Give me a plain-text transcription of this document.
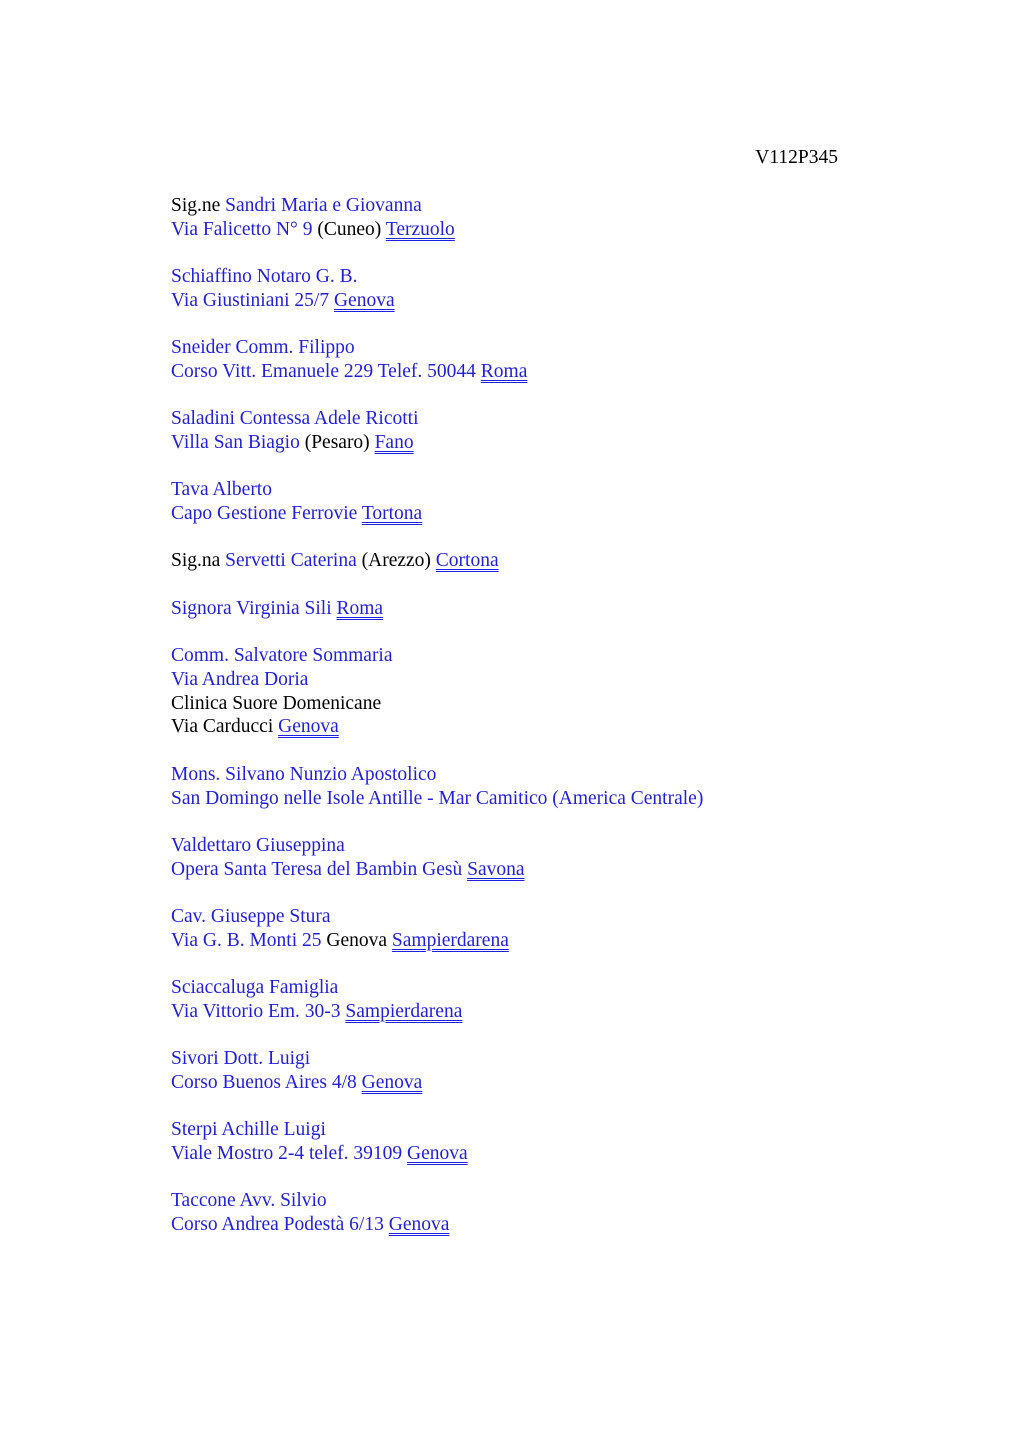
V112P345
Sig.ne Sandri Maria e Giovanna
Via Falicetto N° 9 (Cuneo) Terzuolo
Schiaffino Notaro G. B.
Via Giustiniani 25/7 Genova
Sneider Comm. Filippo
Corso Vitt. Emanuele 229 Telef. 50044 Roma
Saladini Contessa Adele Ricotti
Villa San Biagio (Pesaro) Fano
Tava Alberto
Capo Gestione Ferrovie Tortona
Sig.na Servetti Caterina (Arezzo) Cortona
Signora Virginia Sili Roma
Comm. Salvatore Sommaria
Via Andrea Doria
Clinica Suore Domenicane
Via Carducci Genova
Mons. Silvano Nunzio Apostolico
San Domingo nelle Isole Antille - Mar Camitico (America Centrale)
Valdettaro Giuseppina
Opera Santa Teresa del Bambin Gesù Savona
Cav. Giuseppe Stura
Via G. B. Monti 25 Genova Sampierdarena
Sciaccaluga Famiglia
Via Vittorio Em. 30-3 Sampierdarena
Sivori Dott. Luigi
Corso Buenos Aires 4/8 Genova
Sterpi Achille Luigi
Viale Mostro 2-4 telef. 39109 Genova
Taccone Avv. Silvio
Corso Andrea Podestà 6/13 Genova
